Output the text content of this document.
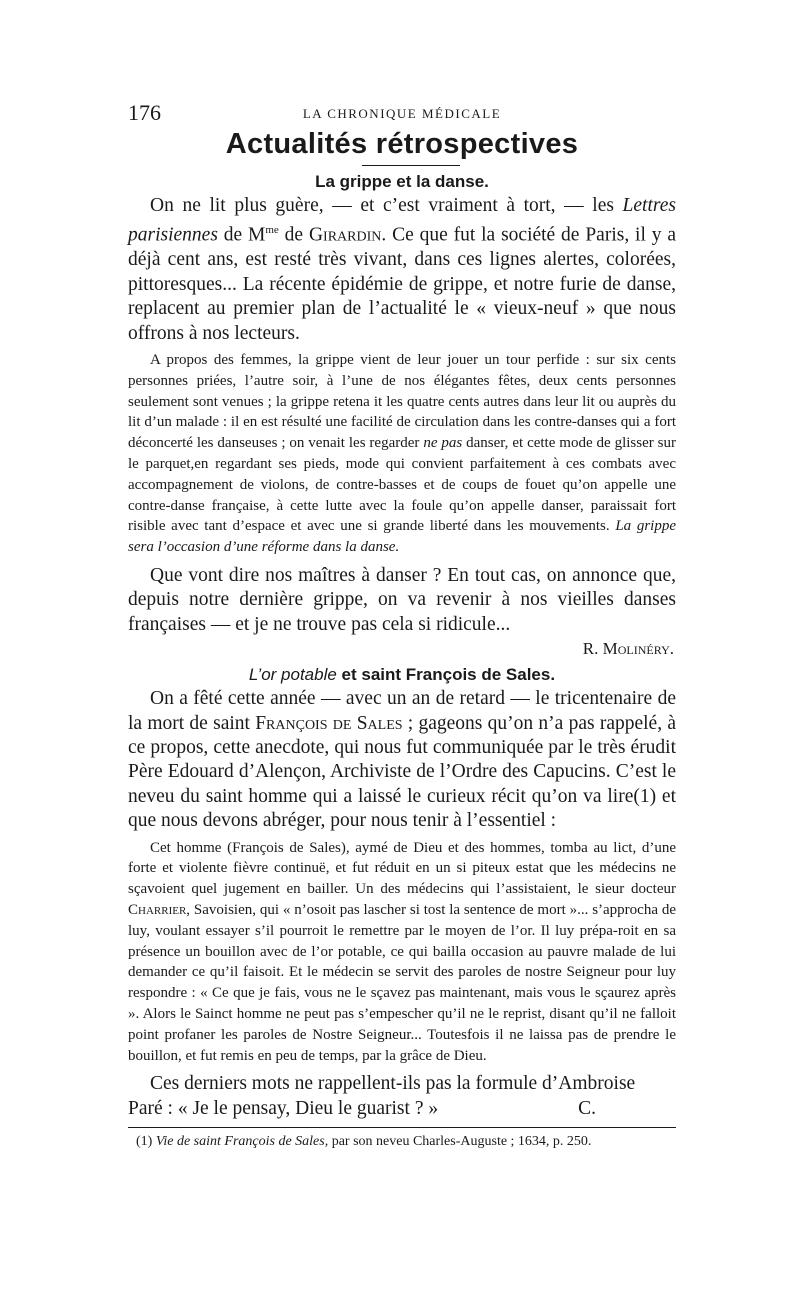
176	LA CHRONIQUE MÉDICALE
Actualités rétrospectives

La grippe et la danse.

On ne lit plus guère, — et c’est vraiment à tort, — les Lettres parisiennes de $M^{me}$ de Girardin. Ce que fut la société de Paris, il y a déjà cent ans, est resté très vivant, dans ces lignes alertes, colorées, pittoresques... La récente épidémie de grippe, et notre furie de danse, replacent au premier plan de l’actualité le « vieux-neuf » que nous offrons à nos lecteurs.

A propos des femmes, la grippe vient de leur jouer un tour perfide : sur six cents personnes priées, l’autre soir, à l’une de nos élégantes fêtes, deux cents personnes seulement sont venues ; la grippe retena it les quatre cents autres dans leur lit ou auprès du lit d’un malade : il en est résulté une facilité de circulation dans les contre-danses qui a fort déconcerté les danseuses ; on venait les regarder ne pas danser, et cette mode de glisser sur le parquet,en regardant ses pieds, mode qui convient parfaitement à ces combats avec accompagnement de violons, de contre-basses et de coups de fouet qu’on appelle une contre-danse française, à cette lutte avec la foule qu’on appelle danser, paraissait fort risible avec tant d’espace et avec une si grande liberté dans les mouvements. La grippe sera l’occasion d’une réforme dans la danse.

Que vont dire nos maîtres à danser ? En tout cas, on annonce que, depuis notre dernière grippe, on va revenir à nos vieilles danses françaises — et je ne trouve pas cela si ridicule...

R. Molinéry.

L’or potable et saint François de Sales.

On a fêté cette année — avec un an de retard — le tricentenaire de la mort de saint François de Sales ; gageons qu’on n’a pas rappelé, à ce propos, cette anecdote, qui nous fut communiquée par le très érudit Père Edouard d’Alençon, Archiviste de l’Ordre des Capucins. C’est le neveu du saint homme qui a laissé le curieux récit qu’on va lire(1) et que nous devons abréger, pour nous tenir à l’essentiel :

Cet homme (François de Sales), aymé de Dieu et des hommes, tomba au lict, d’une forte et violente fièvre continuë, et fut réduit en un si piteux estat que les médecins ne sçavoient quel jugement en bailler. Un des médecins qui l’assistaient, le sieur docteur Charrier, Savoisien, qui « n’osoit pas lascher si tost la sentence de mort »... s’approcha de luy, voulant essayer s’il pourroit le remettre par le moyen de l’or. Il luy prépa-roit en sa présence un bouillon avec de l’or potable, ce qui bailla occasion au pauvre malade de lui demander ce qu’il faisoit. Et le médecin se servit des paroles de nostre Seigneur pour luy respondre : « Ce que je fais, vous ne le sçavez pas maintenant, mais vous le sçaurez après ». Alors le Sainct homme ne peut pas s’empescher qu’il ne le reprist, disant qu’il ne falloit point profaner les paroles de Nostre Seigneur... Toutesfois il ne laissa pas de prendre le bouillon, et fut remis en peu de temps, par la grâce de Dieu.

Ces derniers mots ne rappellent-ils pas la formule d’Ambroise

Paré : « Je le pensay, Dieu le guarist ? »	C.

(1) Vie de saint François de Sales, par son neveu Charles-Auguste ; 1634, p. 250.
